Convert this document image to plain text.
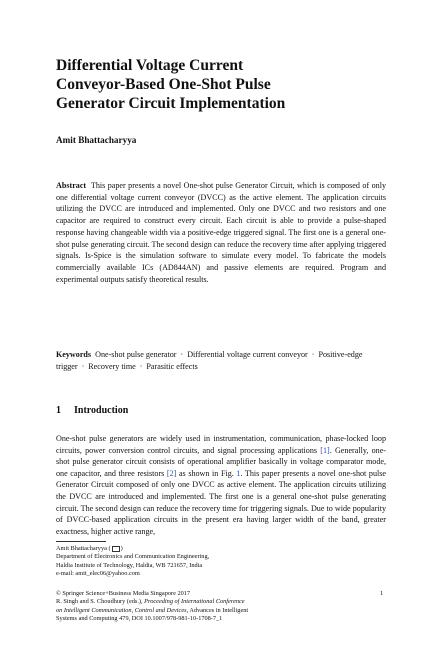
Differential Voltage Current
Conveyor-Based One-Shot Pulse
Generator Circuit Implementation
Amit Bhattacharyya
Abstract This paper presents a novel One-shot pulse Generator Circuit, which is composed of only one differential voltage current conveyor (DVCC) as the active element. The application circuits utilizing the DVCC are introduced and implemented. Only one DVCC and two resistors and one capacitor are required to construct every circuit. Each circuit is able to provide a pulse-shaped response having changeable width via a positive-edge triggered signal. The first one is a general one-shot pulse generating circuit. The second design can reduce the recovery time after applying triggered signals. Is-Spice is the simulation software to simulate every model. To fabricate the models commercially available ICs (AD844AN) and passive elements are required. Program and experimental outputs satisfy theoretical results.
Keywords One-shot pulse generator · Differential voltage current conveyor · Positive-edge trigger · Recovery time · Parasitic effects
1 Introduction
One-shot pulse generators are widely used in instrumentation, communication, phase-locked loop circuits, power conversion control circuits, and signal processing applications [1]. Generally, one-shot pulse generator circuit consists of operational amplifier basically in voltage comparator mode, one capacitor, and three resistors [2] as shown in Fig. 1. This paper presents a novel one-shot pulse Generator Circuit composed of only one DVCC as active element. The application circuits utilizing the DVCC are introduced and implemented. The first one is a general one-shot pulse generating circuit. The second design can reduce the recovery time for triggering signals. Due to wide popularity of DVCC-based application circuits in the present era having larger width of the band, greater exactness, higher active range,
Amit Bhattacharyya ( )
Department of Electronics and Communication Engineering,
Haldia Institute of Technology, Haldia, WB 721657, India
e-mail: amit_elec06@yahoo.com
© Springer Science+Business Media Singapore 2017
R. Singh and S. Choudhury (eds.), Proceeding of International Conference
on Intelligent Communication, Control and Devices, Advances in Intelligent
Systems and Computing 479, DOI 10.1007/978-981-10-1708-7_1
1
